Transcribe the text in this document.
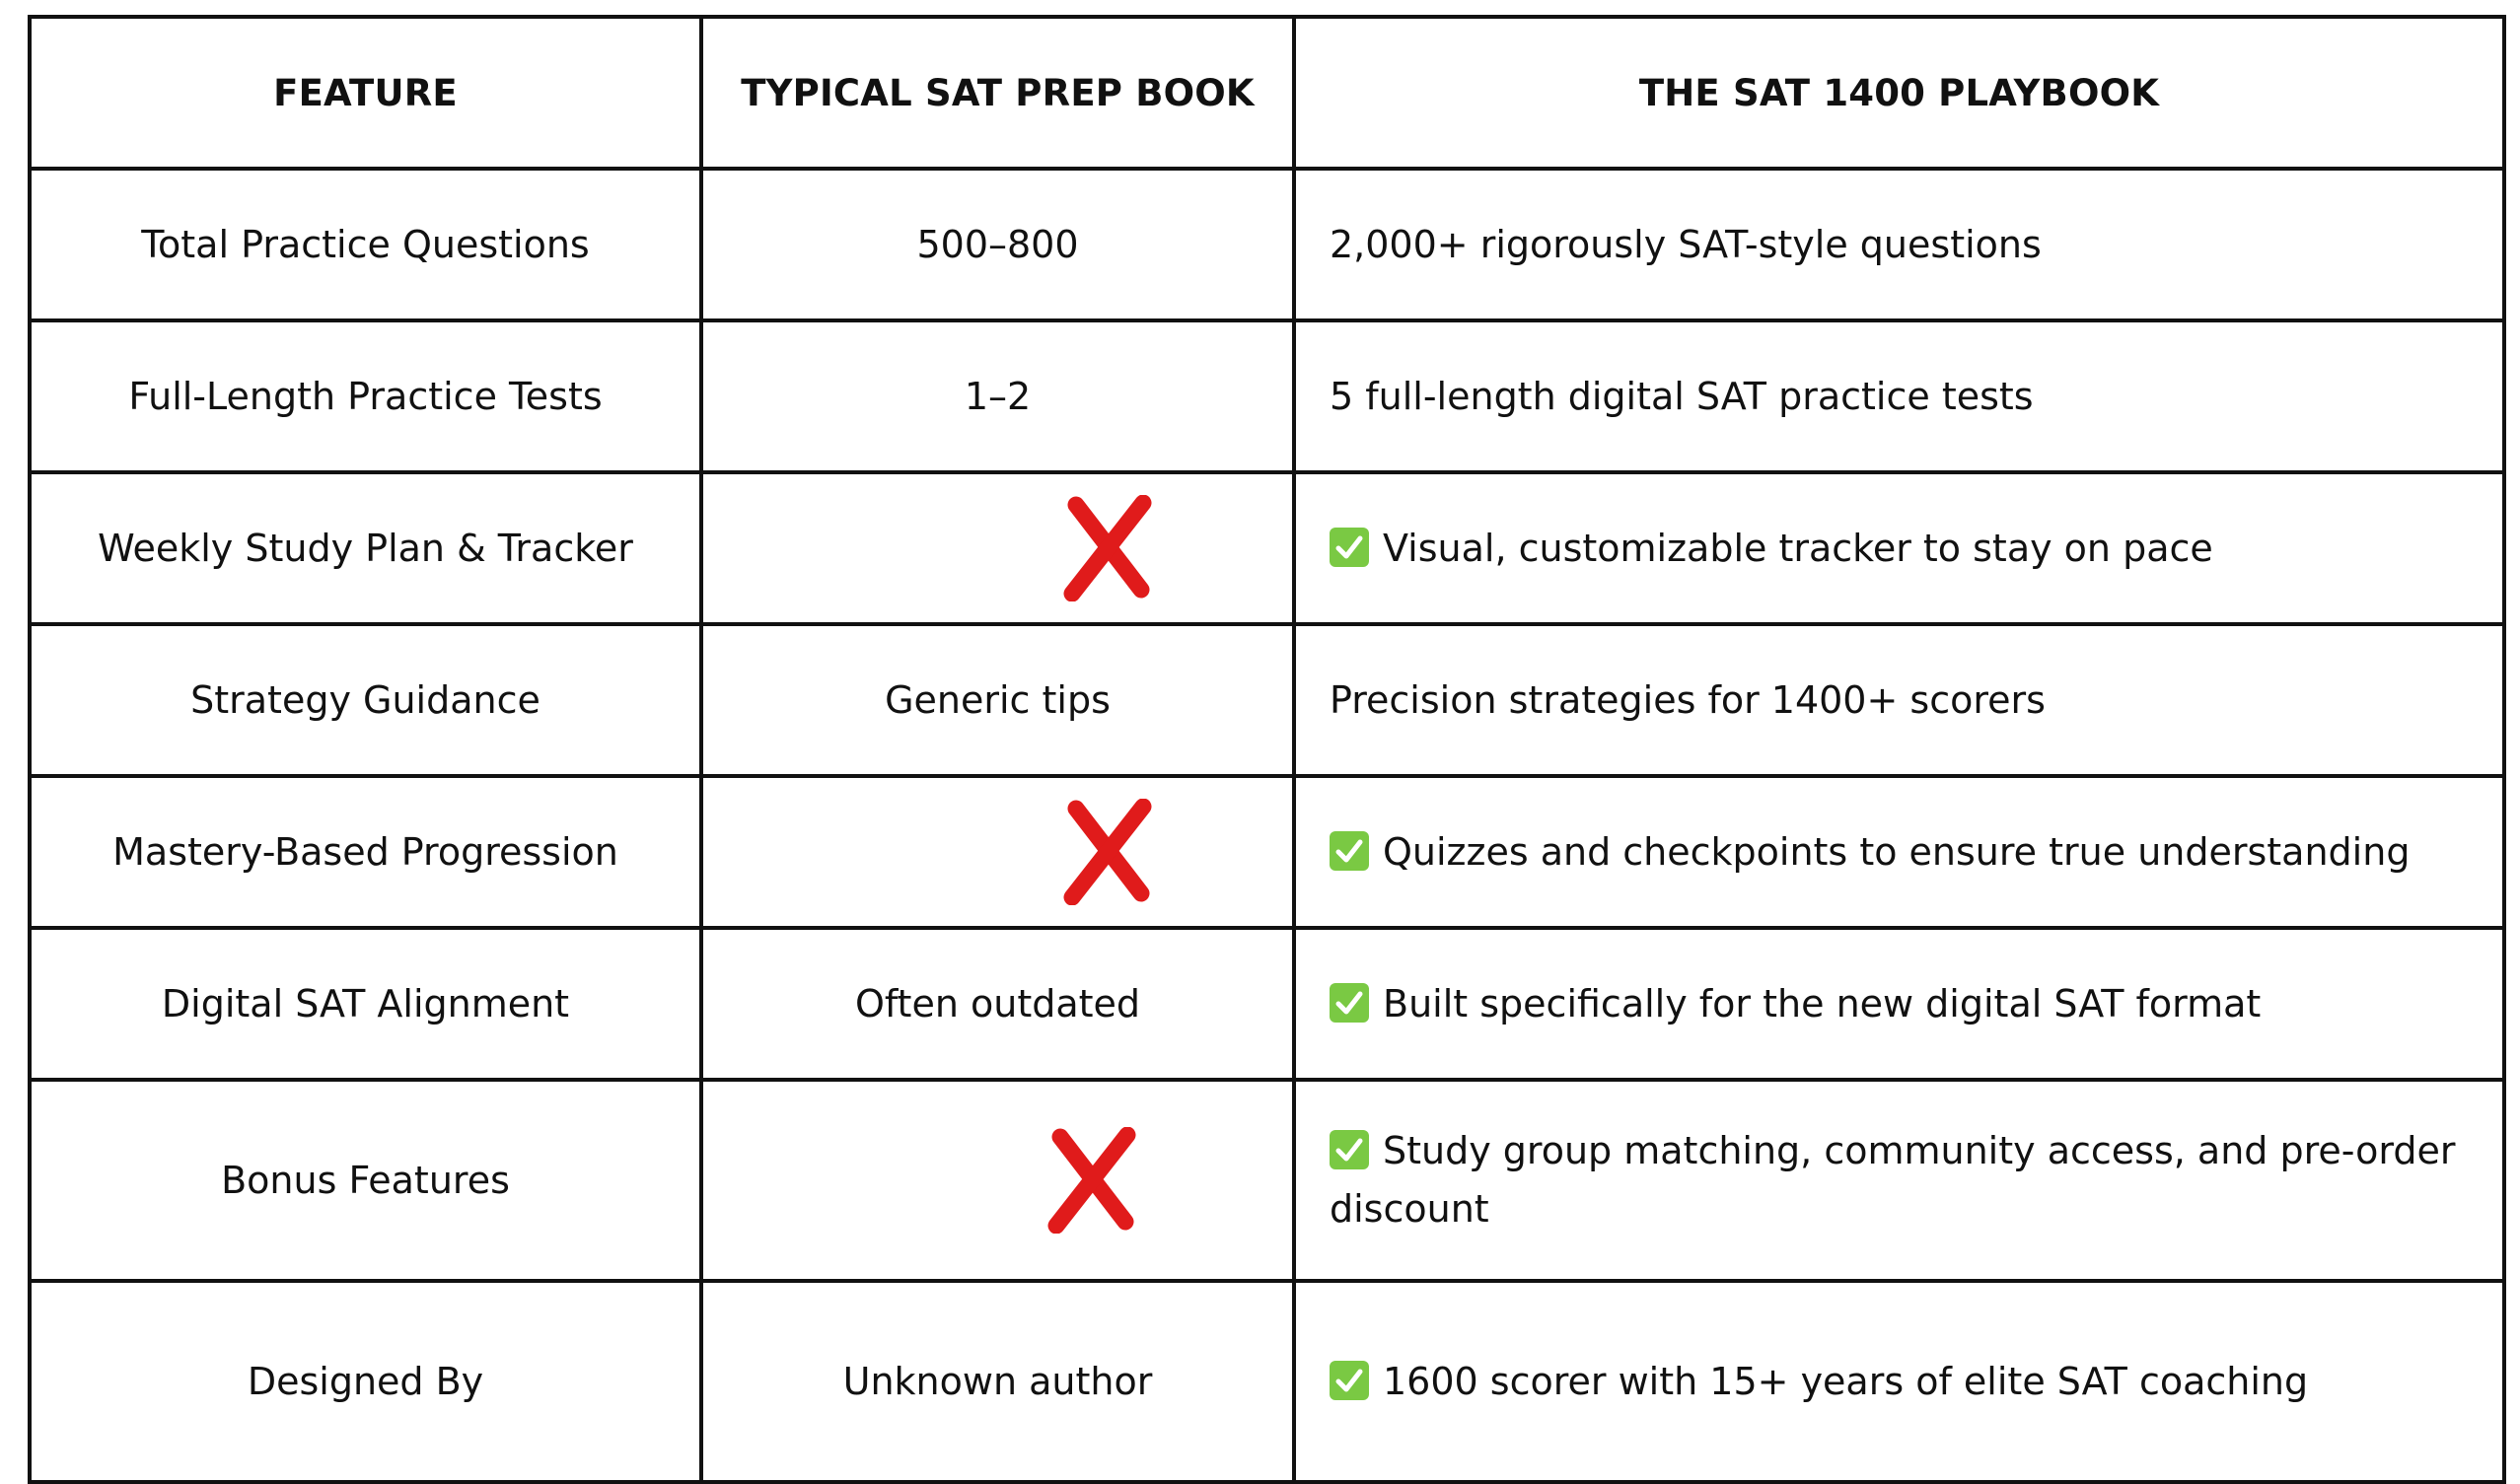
FEATURE	TYPICAL SAT PREP BOOK	THE SAT 1400 PLAYBOOK
Total Practice Questions	500–800	2,000+ rigorously SAT-style questions
Full-Length Practice Tests	1–2	5 full-length digital SAT practice tests
Weekly Study Plan & Tracker		Visual, customizable tracker to stay on pace
Strategy Guidance	Generic tips	Precision strategies for 1400+ scorers
Mastery-Based Progression		Quizzes and checkpoints to ensure true understanding
Digital SAT Alignment	Often outdated	Built specifically for the new digital SAT format
Bonus Features		Study group matching, community access, and pre-order discount
Designed By	Unknown author	1600 scorer with 15+ years of elite SAT coaching
